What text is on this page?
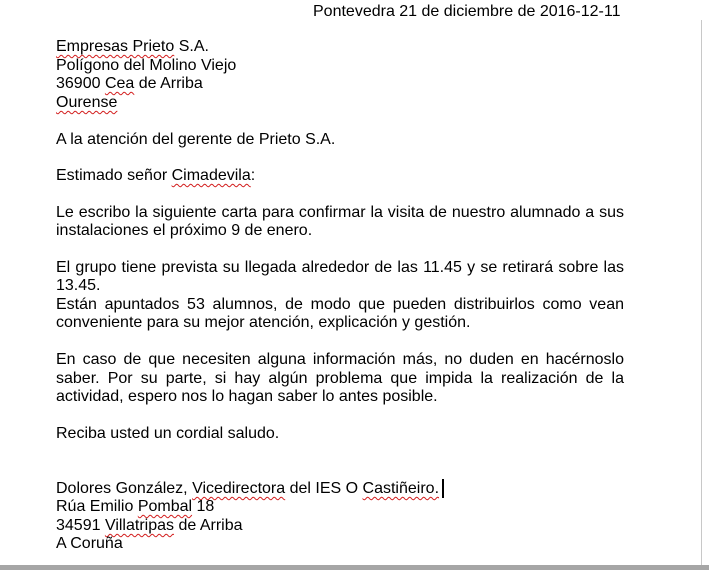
Pontevedra 21 de diciembre de 2016-12-11
Empresas Prieto S.A.
Polígono del Molino Viejo
36900 Cea de Arriba
Ourense
A la atención del gerente de Prieto S.A.
Estimado señor Cimadevila:
Le escribo la siguiente carta para confirmar la visita de nuestro alumnado a sus
instalaciones el próximo 9 de enero.
El grupo tiene prevista su llegada alrededor de las 11.45 y se retirará sobre las
13.45.
Están apuntados 53 alumnos, de modo que pueden distribuirlos como vean
conveniente para su mejor atención, explicación y gestión.
En caso de que necesiten alguna información más, no duden en hacérnoslo
saber. Por su parte, si hay algún problema que impida la realización de la
actividad, espero nos lo hagan saber lo antes posible.
Reciba usted un cordial saludo.
Dolores González, Vicedirectora del IES O Castiñeiro.
Rúa Emilio Pombal 18
34591 Villatripas de Arriba
A Coruña
